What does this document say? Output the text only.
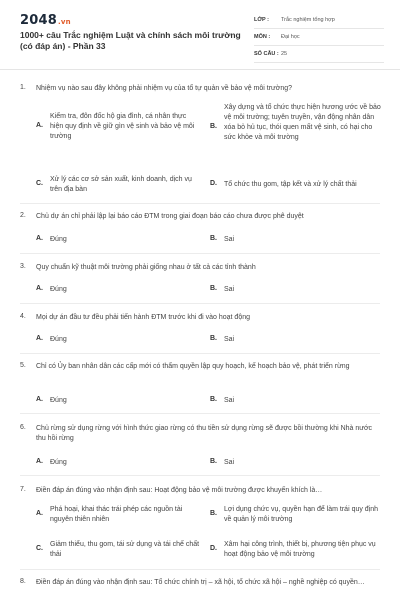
2048.vn
1000+ câu Trắc nghiệm Luật và chính sách môi trường (có đáp án) - Phần 33
LỚP :	Trắc nghiệm tổng hợp
MÔN :	Đại học
SỐ CÂU : 25
1. Nhiệm vụ nào sau đây không phải nhiệm vụ của tổ tự quản về bảo vệ môi trường?
A.
Kiểm tra, đôn đốc hộ gia đình, cá nhân thực hiện quy định về giữ gìn vệ sinh và bảo vệ môi trường
B.
Xây dựng và tổ chức thực hiện hương ước về bảo vệ môi trường; tuyên truyền, vận động nhân dân xóa bỏ hủ tục, thói quen mất vệ sinh, có hại cho sức khỏe và môi trường
C.
Xử lý các cơ sở sản xuất, kinh doanh, dịch vụ trên địa bàn
D.	Tổ chức thu gom, tập kết và xử lý chất thải
2. Chủ dự án chỉ phải lập lại báo cáo ĐTM trong giai đoạn báo cáo chưa được phê duyệt
A.	Đúng	B.	Sai
3. Quy chuẩn kỹ thuật môi trường phải giống nhau ở tất cả các tỉnh thành
A.	Đúng	B.	Sai
4. Mọi dự án đầu tư đều phải tiến hành ĐTM trước khi đi vào hoạt động
A.	Đúng	B.	Sai
5. Chỉ có Ủy ban nhân dân các cấp mới có thẩm quyền lập quy hoạch, kế hoạch bảo vệ, phát triển rừng
A.	Đúng	B.	Sai
6. Chủ rừng sử dụng rừng với hình thức giao rừng có thu tiền sử dụng rừng sẽ được bồi thường khi Nhà nước thu hồi rừng
A.	Đúng	B.	Sai
7. Điền đáp án đúng vào nhận định sau: Hoạt động bảo vệ môi trường được khuyến khích là…
A.
Phá hoại, khai thác trái phép các nguồn tài nguyên thiên nhiên
B.
Lợi dụng chức vụ, quyền hạn để làm trái quy định về quản lý môi trường
C.
Giảm thiểu, thu gom, tái sử dụng và tái chế chất thải
D.
Xâm hại công trình, thiết bị, phương tiện phục vụ hoạt động bảo vệ môi trường
8. Điền đáp án đúng vào nhận định sau: Tổ chức chính trị – xã hội, tổ chức xã hội – nghề nghiệp có quyền…
